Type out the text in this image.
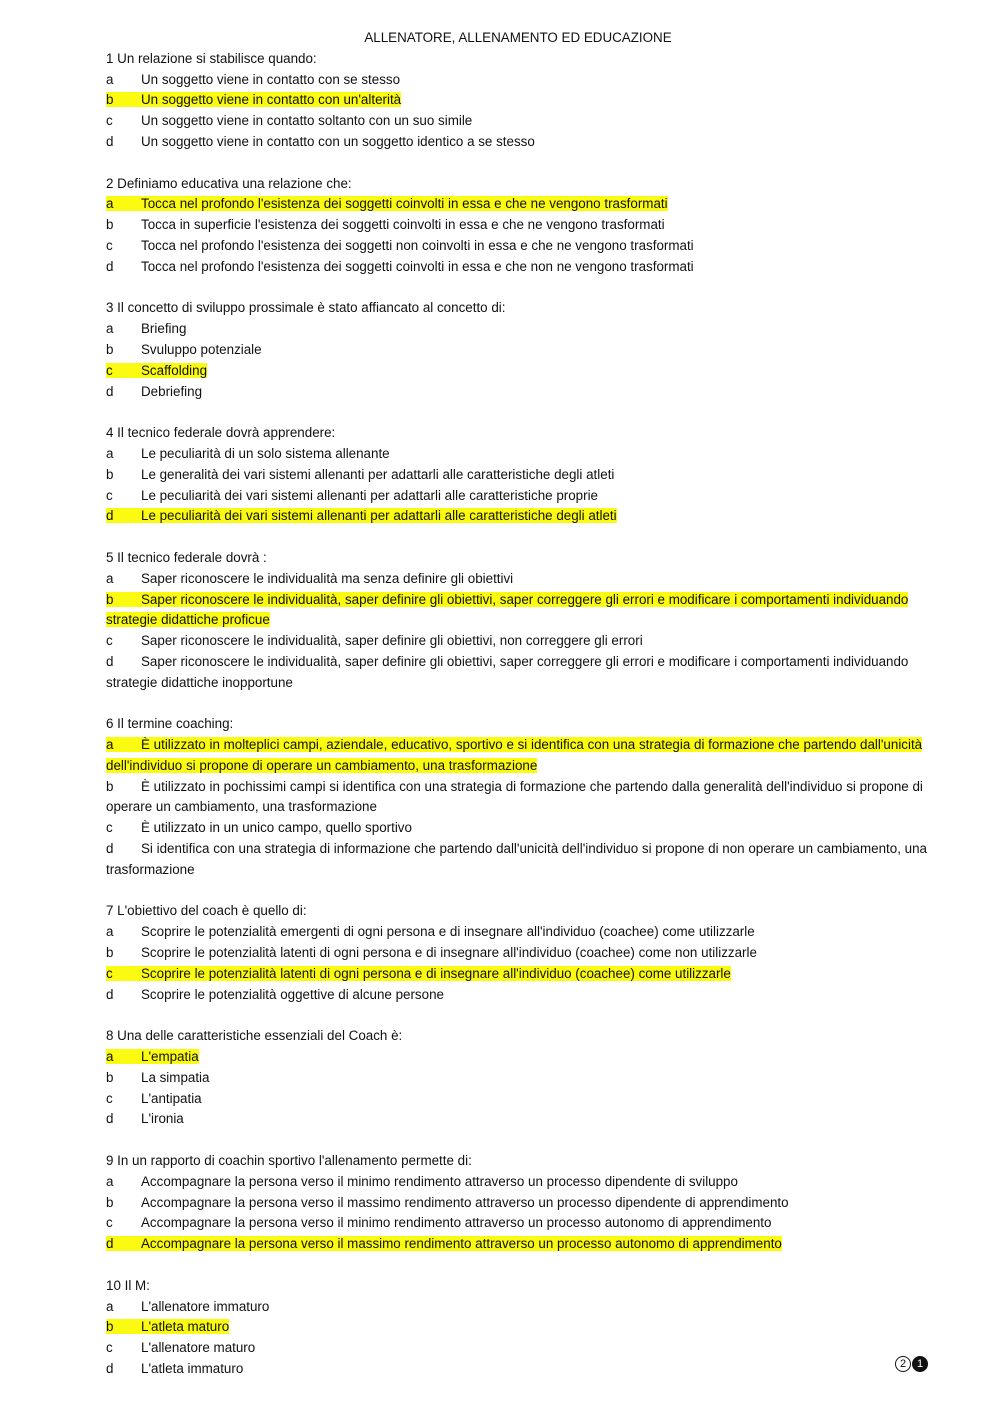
ALLENATORE, ALLENAMENTO ED EDUCAZIONE
1 Un relazione si stabilisce quando:
a Un soggetto viene in contatto con se stesso
b Un soggetto viene in contatto con un'alterità
c Un soggetto viene in contatto soltanto con un suo simile
d Un soggetto viene in contatto con un soggetto identico a se stesso
2 Definiamo educativa una relazione che:
a Tocca nel profondo l'esistenza dei soggetti coinvolti in essa e che ne vengono trasformati
b Tocca in superficie l'esistenza dei soggetti coinvolti in essa e che ne vengono trasformati
c Tocca nel profondo l'esistenza dei soggetti non coinvolti in essa e che ne vengono trasformati
d Tocca nel profondo l'esistenza dei soggetti coinvolti in essa e che non ne vengono trasformati
3 Il concetto di sviluppo prossimale è stato affiancato al concetto di:
a Briefing
b Svuluppo potenziale
c Scaffolding
d Debriefing
4 Il tecnico federale dovrà apprendere:
a Le peculiarità di un solo sistema allenante
b Le generalità dei vari sistemi allenanti per adattarli alle caratteristiche degli atleti
c Le peculiarità dei vari sistemi allenanti per adattarli alle caratteristiche proprie
d Le peculiarità dei vari sistemi allenanti per adattarli alle caratteristiche degli atleti
5 Il tecnico federale dovrà :
a Saper riconoscere le individualità ma senza definire gli obiettivi
b Saper riconoscere le individualità, saper definire gli obiettivi, saper correggere gli errori e modificare i comportamenti individuando strategie didattiche proficue
c Saper riconoscere le individualità, saper definire gli obiettivi, non correggere gli errori
d Saper riconoscere le individualità, saper definire gli obiettivi, saper correggere gli errori e modificare i comportamenti individuando strategie didattiche inopportune
6 Il termine coaching:
a È utilizzato in molteplici campi, aziendale, educativo, sportivo e si identifica con una strategia di formazione che partendo dall'unicità dell'individuo si propone di operare un cambiamento, una trasformazione
b È utilizzato in pochissimi campi si identifica con una strategia di formazione che partendo dalla generalità dell'individuo si propone di operare un cambiamento, una trasformazione
c È utilizzato in un unico campo, quello sportivo
d Si identifica con una strategia di informazione che partendo dall'unicità dell'individuo si propone di non operare un cambiamento, una trasformazione
7 L'obiettivo del coach è quello di:
a Scoprire le potenzialità emergenti di ogni persona e di insegnare all'individuo (coachee) come utilizzarle
b Scoprire le potenzialità latenti di ogni persona e di insegnare all'individuo (coachee) come non utilizzarle
c Scoprire le potenzialità latenti di ogni persona e di insegnare all'individuo (coachee) come utilizzarle
d Scoprire le potenzialità oggettive di alcune persone
8 Una delle caratteristiche essenziali del Coach è:
a L'empatia
b La simpatia
c L'antipatia
d L'ironia
9 In un rapporto di coachin sportivo l'allenamento permette di:
a Accompagnare la persona verso il minimo rendimento attraverso un processo dipendente di sviluppo
b Accompagnare la persona verso il massimo rendimento attraverso un processo dipendente di apprendimento
c Accompagnare la persona verso il minimo rendimento attraverso un processo autonomo di apprendimento
d Accompagnare la persona verso il massimo rendimento attraverso un processo autonomo di apprendimento
10 Il M:
a L'allenatore immaturo
b L'atleta maturo
c L'allenatore maturo
d L'atleta immaturo	2 1
